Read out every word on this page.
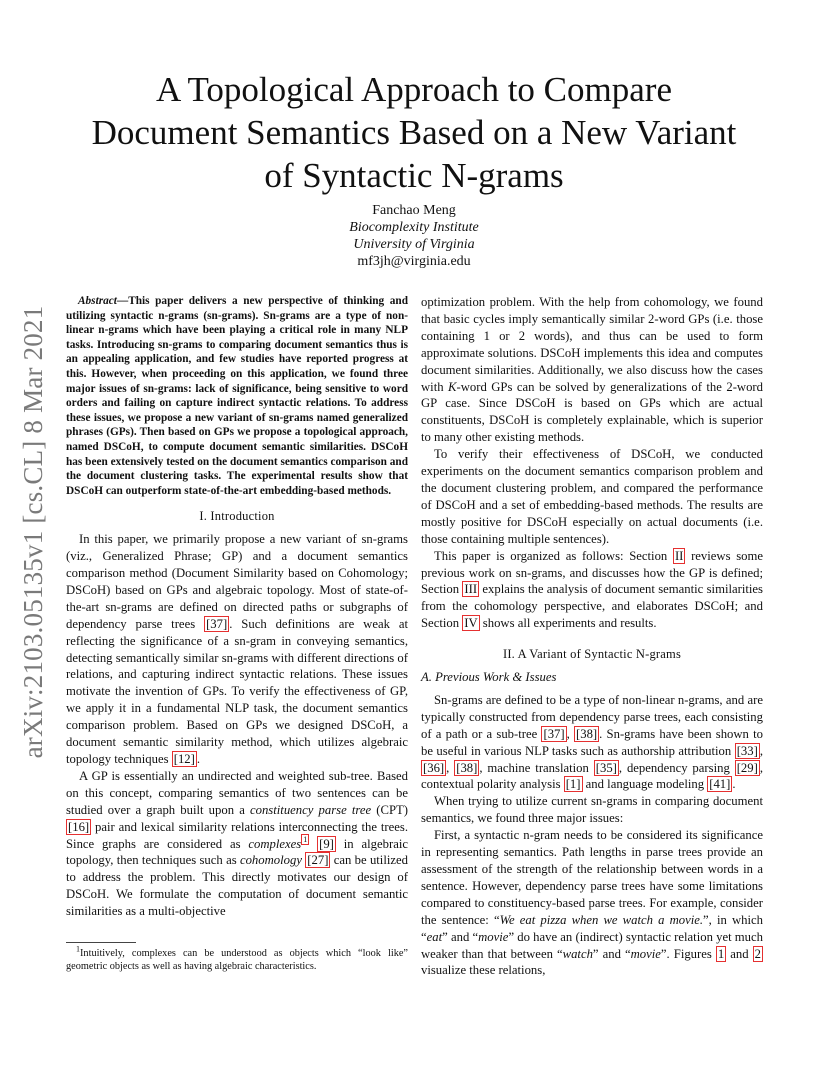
A Topological Approach to Compare Document Semantics Based on a New Variant of Syntactic N-grams
Fanchao Meng
Biocomplexity Institute
University of Virginia
mf3jh@virginia.edu
arXiv:2103.05135v1 [cs.CL] 8 Mar 2021

Abstract—This paper delivers a new perspective of thinking and utilizing syntactic n-grams (sn-grams). Sn-grams are a type of non-linear n-grams which have been playing a critical role in many NLP tasks. Introducing sn-grams to comparing document semantics thus is an appealing application, and few studies have reported progress at this. However, when proceeding on this application, we found three major issues of sn-grams: lack of significance, being sensitive to word orders and failing on capture indirect syntactic relations. To address these issues, we propose a new variant of sn-grams named generalized phrases (GPs). Then based on GPs we propose a topological approach, named DSCoH, to compute document semantic similarities. DSCoH has been extensively tested on the document semantics comparison and the document clustering tasks. The experimental results show that DSCoH can outperform state-of-the-art embedding-based methods.

I. Introduction

In this paper, we primarily propose a new variant of sn-grams (viz., Generalized Phrase; GP) and a document semantics comparison method (Document Similarity based on Cohomology; DSCoH) based on GPs and algebraic topology. Most of state-of-the-art sn-grams are defined on directed paths or subgraphs of dependency parse trees [37] . Such definitions are weak at reflecting the significance of a sn-gram in conveying semantics, detecting semantically similar sn-grams with different directions of relations, and capturing indirect syntactic relations. These issues motivate the invention of GPs. To verify the effectiveness of GP, we apply it in a fundamental NLP task, the document semantics comparison problem. Based on GPs we designed DSCoH, a document semantic similarity method, which utilizes algebraic topology techniques [12] .

A GP is essentially an undirected and weighted sub-tree. Based on this concept, comparing semantics of two sentences can be studied over a graph built upon a constituency parse tree (CPT) [16] pair and lexical similarity relations interconnecting the trees. Since graphs are considered as complexes $^1$ [9] in algebraic topology, then techniques such as cohomology [27] can be utilized to address the problem. This directly motivates our design of DSCoH. We formulate the computation of document semantic similarities as a multi-objective

$^1$Intuitively, complexes can be understood as objects which “look like” geometric objects as well as having algebraic characteristics.

optimization problem. With the help from cohomology, we found that basic cycles imply semantically similar 2-word GPs (i.e. those containing 1 or 2 words), and thus can be used to form approximate solutions. DSCoH implements this idea and computes document similarities. Additionally, we also discuss how the cases with K-word GPs can be solved by generalizations of the 2-word GP case. Since DSCoH is based on GPs which are actual constituents, DSCoH is completely explainable, which is superior to many other existing methods.

To verify their effectiveness of DSCoH, we conducted experiments on the document semantics comparison problem and the document clustering problem, and compared the performance of DSCoH and a set of embedding-based methods. The results are mostly positive for DSCoH especially on actual documents (i.e. those containing multiple sentences).

This paper is organized as follows: Section II reviews some previous work on sn-grams, and discusses how the GP is defined; Section III explains the analysis of document semantic similarities from the cohomology perspective, and elaborates DSCoH; and Section IV shows all experiments and results.

II. A Variant of Syntactic N-grams
A. Previous Work & Issues

Sn-grams are defined to be a type of non-linear n-grams, and are typically constructed from dependency parse trees, each consisting of a path or a sub-tree [37] , [38] . Sn-grams have been shown to be useful in various NLP tasks such as authorship attribution [33] , [36] , [38] , machine translation [35] , dependency parsing [29] , contextual polarity analysis [1] and language modeling [41] .

When trying to utilize current sn-grams in comparing document semantics, we found three major issues:

First, a syntactic n-gram needs to be considered its significance in representing semantics. Path lengths in parse trees provide an assessment of the strength of the relationship between words in a sentence. However, dependency parse trees have some limitations compared to constituency-based parse trees. For example, consider the sentence: “We eat pizza when we watch a movie.”, in which “eat” and “movie” do have an (indirect) syntactic relation yet much weaker than that between “watch” and “movie”. Figures 1 and 2 visualize these relations,
